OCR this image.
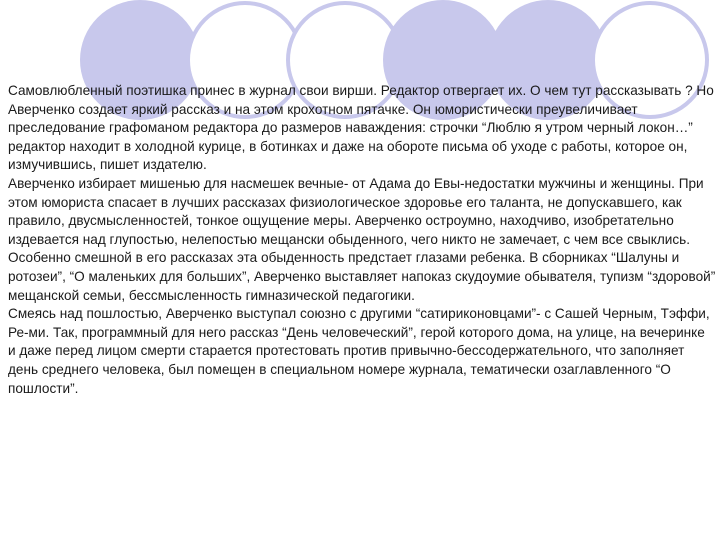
Самовлюбленный поэтишка принес в журнал свои вирши. Редактор отвергает их. О чем тут рассказывать ? Но Аверченко создает яркий рассказ и на этом крохотном пятачке. Он юмористически преувеличивает преследование графоманом редактора до размеров наваждения: строчки “Люблю я утром черный локон…” редактор находит в холодной курице, в ботинках и даже на обороте письма об уходе с работы, которое он, измучившись, пишет издателю.

Аверченко избирает мишенью для насмешек вечные- от Адама до Евы-недостатки мужчины и женщины. При этом юмориста спасает в лучших рассказах физиологическое здоровье его таланта, не допускавшего, как правило, двусмысленностей, тонкое ощущение меры. Аверченко остроумно, находчиво, изобретательно издевается над глупостью, нелепостью мещански обыденного, чего никто не замечает, с чем все свыклись. Особенно смешной в его рассказах эта обыденность предстает глазами ребенка. В сборниках “Шалуны и ротозеи”, “О маленьких для больших”, Аверченко выставляет напоказ скудоумие обывателя, тупизм “здоровой” мещанской семьи, бессмысленность гимназической педагогики.

Смеясь над пошлостью, Аверченко выступал союзно с другими “сатириконовцами”- с Сашей Черным, Тэффи, Ре-ми. Так, программный для него рассказ “День человеческий”, герой которого дома, на улице, на вечеринке и даже перед лицом смерти старается протестовать против привычно-бессодержательного, что заполняет день среднего человека, был помещен в специальном номере журнала, тематически озаглавленного “О пошлости”.
